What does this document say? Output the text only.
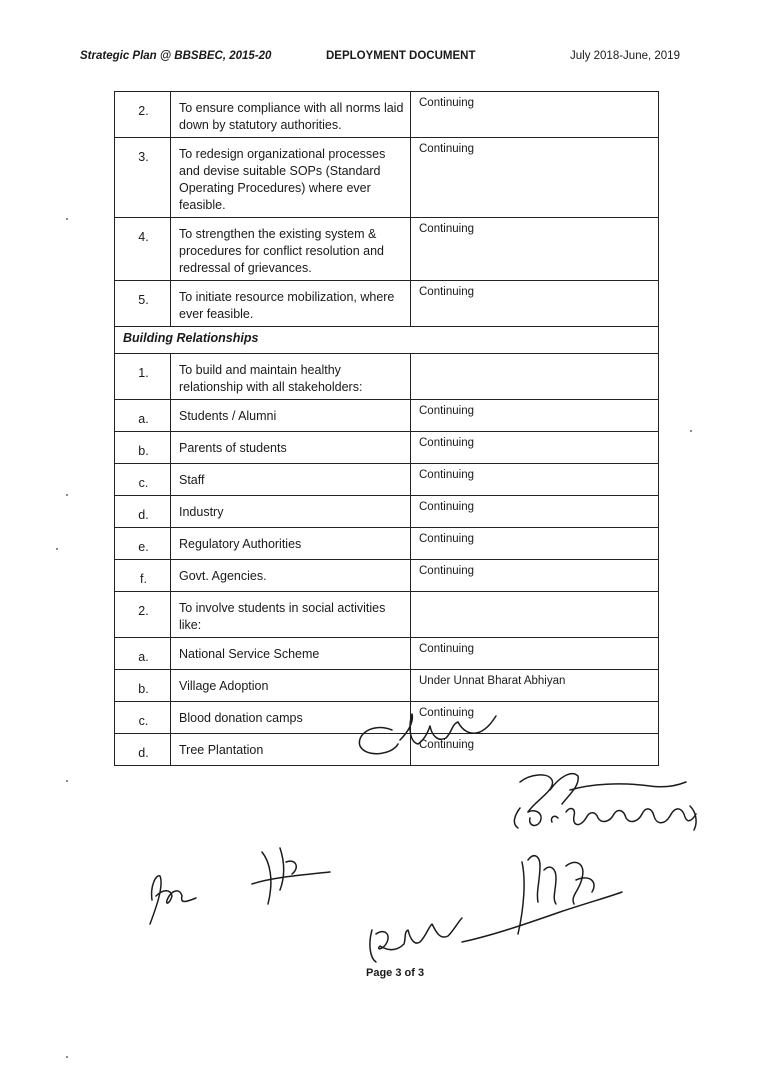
Strategic Plan @ BBSBEC, 2015-20	DEPLOYMENT DOCUMENT	July 2018-June, 2019
2.	To ensure compliance with all norms laid down by statutory authorities.	Continuing
3.	To redesign organizational processes and devise suitable SOPs (Standard Operating Procedures) where ever feasible.	Continuing
4.	To strengthen the existing system & procedures for conflict resolution and redressal of grievances.	Continuing
5.	To initiate resource mobilization, where ever feasible.	Continuing
Building Relationships		
1.	To build and maintain healthy relationship with all stakeholders:	
a.	Students / Alumni	Continuing
b.	Parents of students	Continuing
c.	Staff	Continuing
d.	Industry	Continuing
e.	Regulatory Authorities	Continuing
f.	Govt. Agencies.	Continuing
2.	To involve students in social activities like:	
a.	National Service Scheme	Continuing
b.	Village Adoption	Under Unnat Bharat Abhiyan
c.	Blood donation camps	Continuing
d.	Tree Plantation	Continuing
Page 3 of 3
